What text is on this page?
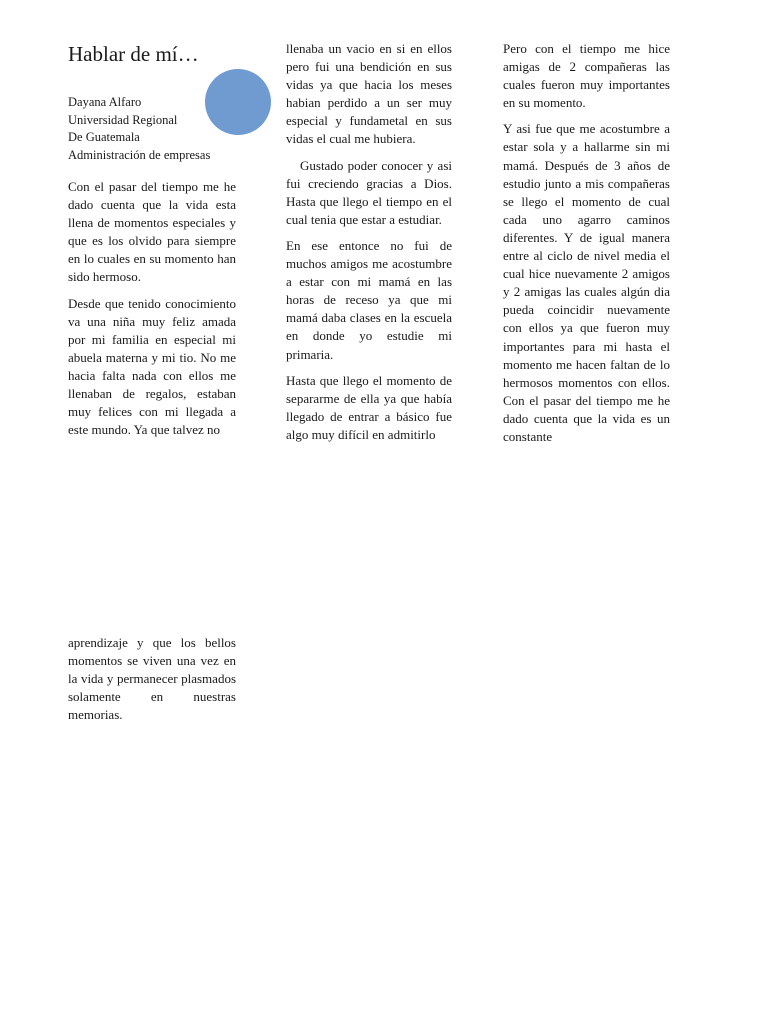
Hablar de mí…
Dayana Alfaro
Universidad Regional
De Guatemala
Administración de empresas

Con el pasar del tiempo me he dado cuenta que la vida esta llena de momentos especiales y que es los olvido para siempre en lo cuales en su momento han sido hermoso.

Desde que tenido conocimiento va una niña muy feliz amada por mi familia en especial mi abuela materna y mi tio. No me hacia falta nada con ellos me llenaban de regalos, estaban muy felices con mi llegada a este mundo. Ya que talvez no

aprendizaje y que los bellos momentos se viven una vez en la vida y permanecer plasmados solamente en nuestras memorias.

llenaba un vacio en si en ellos pero fui una bendición en sus vidas ya que hacia los meses habian perdido a un ser muy especial y fundametal en sus vidas el cual me hubiera.

Gustado poder conocer y asi fui creciendo gracias a Dios. Hasta que llego el tiempo en el cual tenia que estar a estudiar.

En ese entonce no fui de muchos amigos me acostumbre a estar con mi mamá en las horas de receso ya que mi mamá daba clases en la escuela en donde yo estudie mi primaria.

Hasta que llego el momento de separarme de ella ya que había llegado de entrar a básico fue algo muy difícil en admitirlo

Pero con el tiempo me hice amigas de 2 compañeras las cuales fueron muy importantes en su momento.

Y asi fue que me acostumbre a estar sola y a hallarme sin mi mamá. Después de 3 años de estudio junto a mis compañeras se llego el momento de cual cada uno agarro caminos diferentes. Y de igual manera entre al ciclo de nivel media el cual hice nuevamente 2 amigos y 2 amigas las cuales algún dia pueda coincidir nuevamente con ellos ya que fueron muy importantes para mi hasta el momento me hacen faltan de lo hermosos momentos con ellos. Con el pasar del tiempo me he dado cuenta que la vida es un constante
